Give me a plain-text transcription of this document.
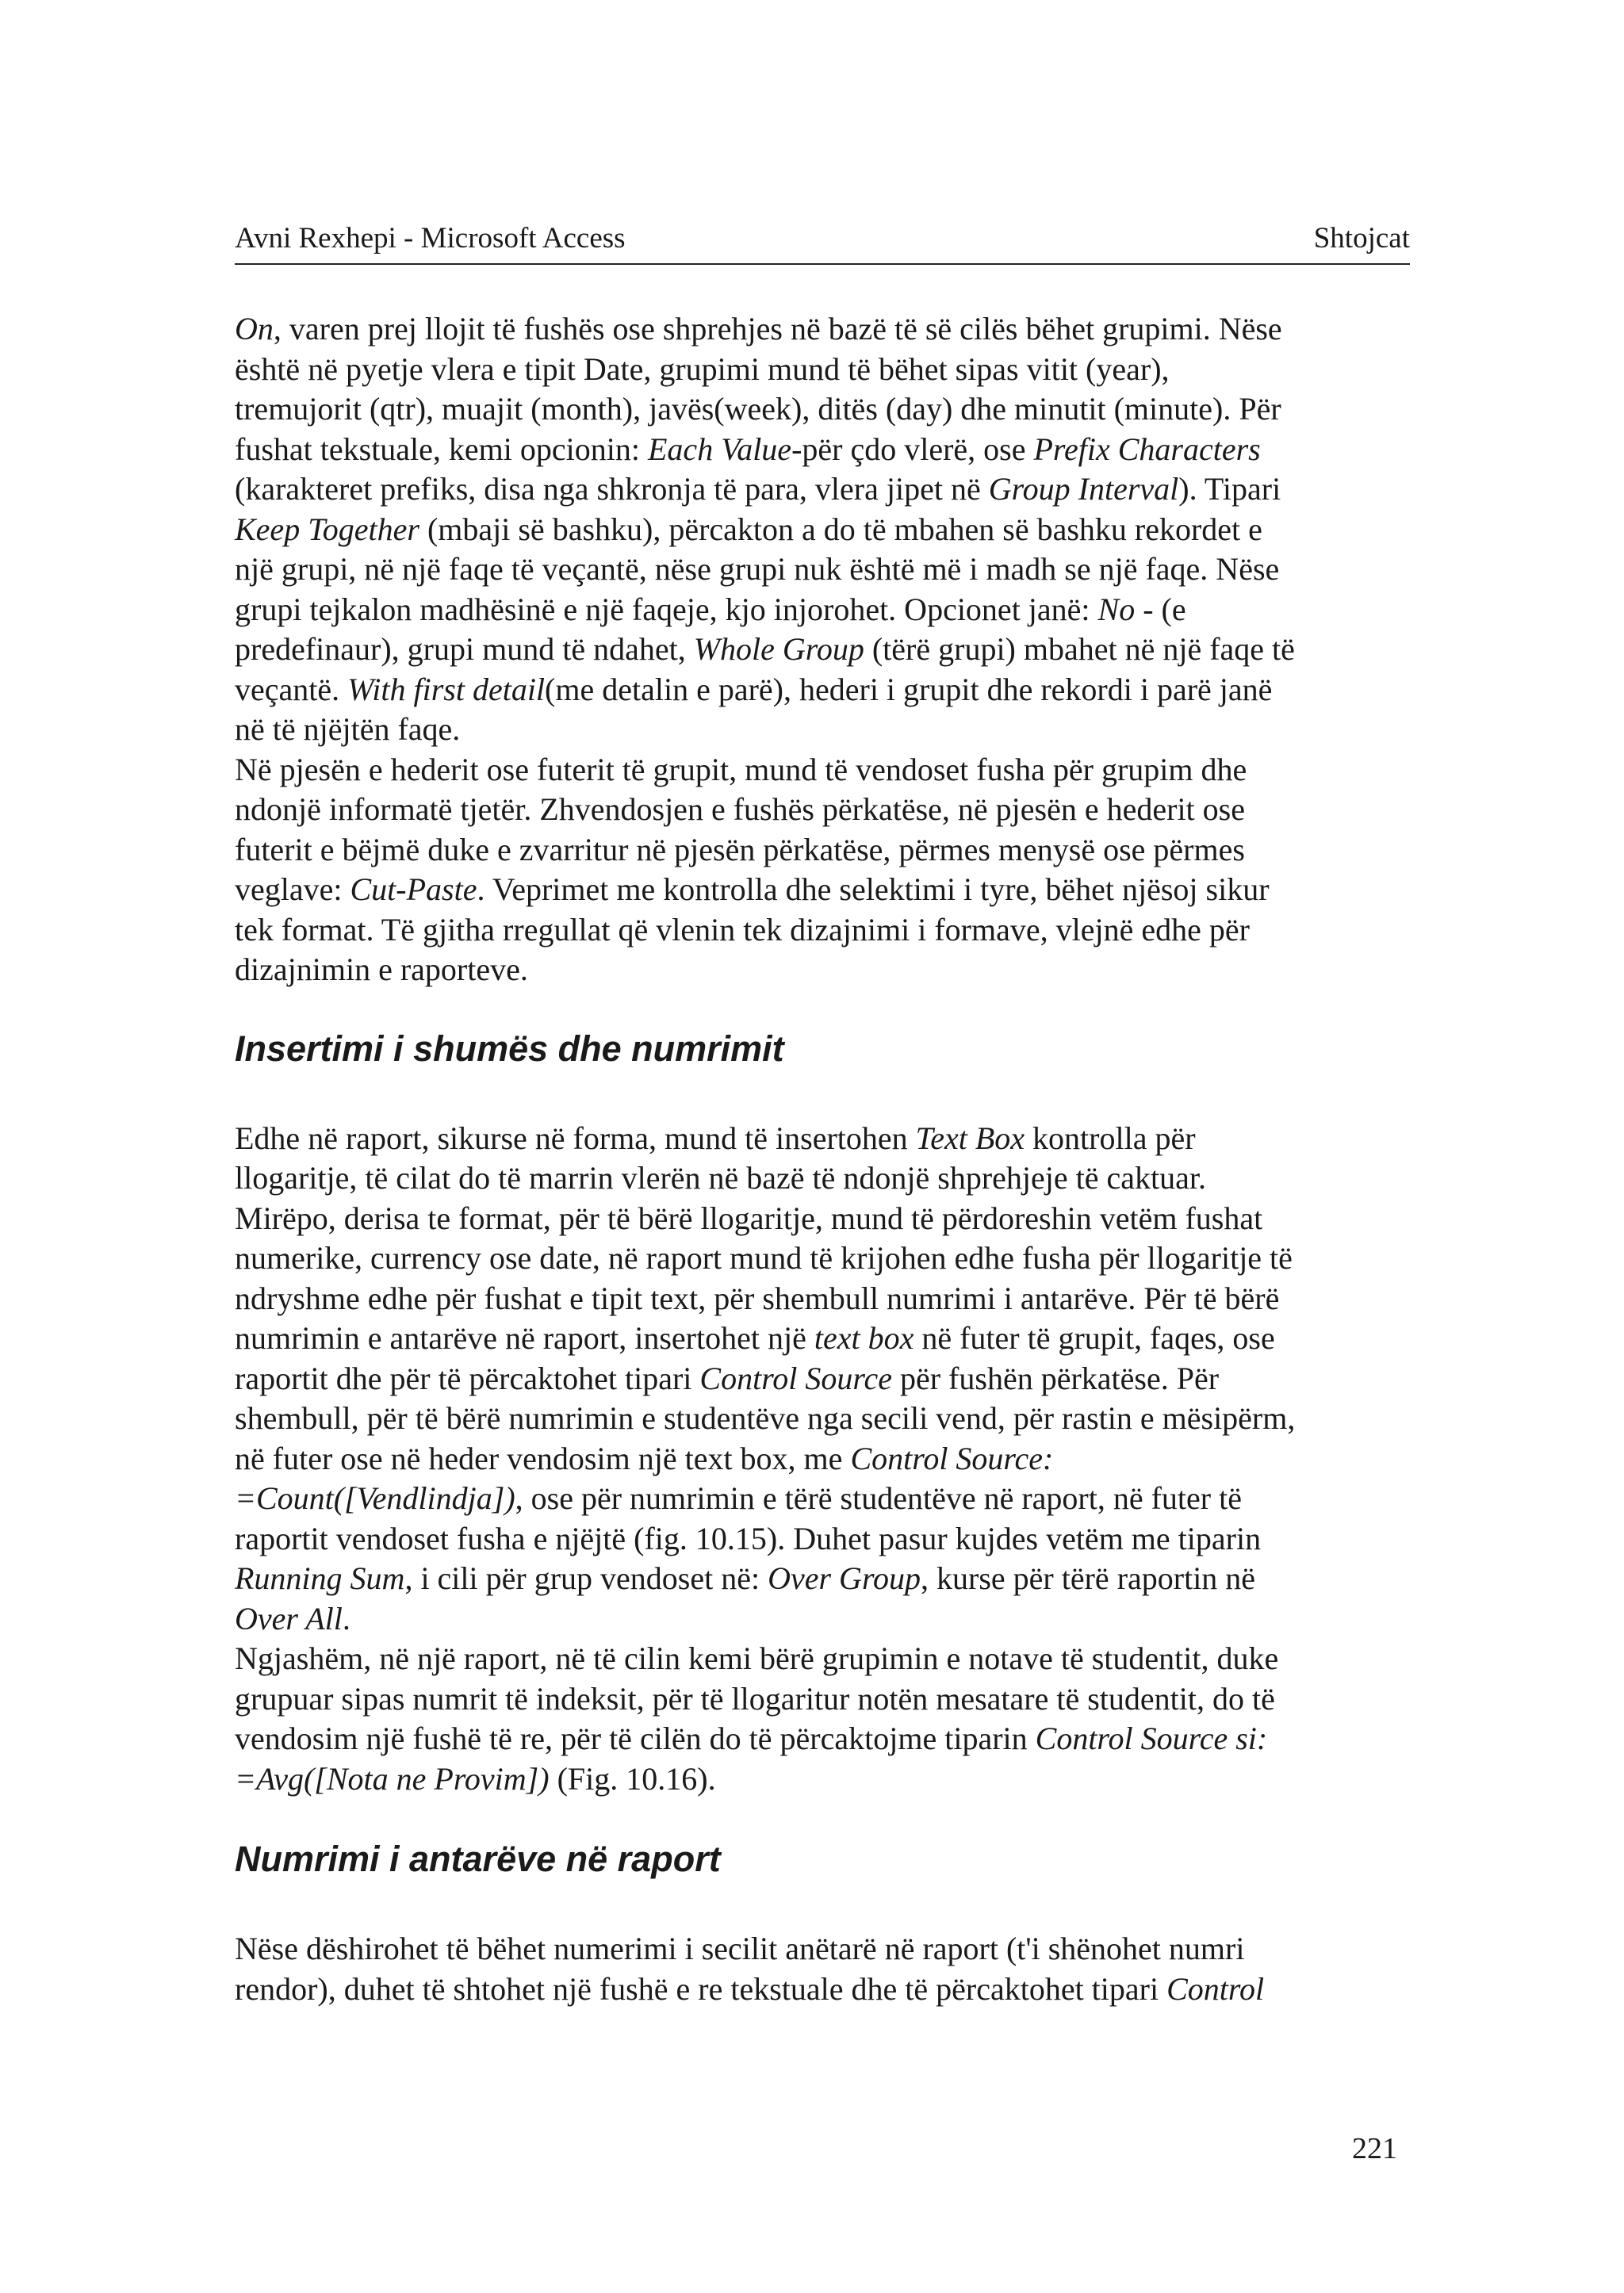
Avni Rexhepi - Microsoft Access	Shtojcat

On, varen prej llojit të fushës ose shprehjes në bazë të së cilës bëhet grupimi. Nëse
është në pyetje vlera e tipit Date, grupimi mund të bëhet sipas vitit (year),
tremujorit (qtr), muajit (month), javës(week), ditës (day) dhe minutit (minute). Për
fushat tekstuale, kemi opcionin: Each Value-për çdo vlerë, ose Prefix Characters
(karakteret prefiks, disa nga shkronja të para, vlera jipet në Group Interval). Tipari
Keep Together (mbaji së bashku), përcakton a do të mbahen së bashku rekordet e
një grupi, në një faqe të veçantë, nëse grupi nuk është më i madh se një faqe. Nëse
grupi tejkalon madhësinë e një faqeje, kjo injorohet. Opcionet janë: No - (e
predefinaur), grupi mund të ndahet, Whole Group (tërë grupi) mbahet në një faqe të
veçantë. With first detail(me detalin e parë), hederi i grupit dhe rekordi i parë janë
në të njëjtën faqe.

Në pjesën e hederit ose futerit të grupit, mund të vendoset fusha për grupim dhe
ndonjë informatë tjetër. Zhvendosjen e fushës përkatëse, në pjesën e hederit ose
futerit e bëjmë duke e zvarritur në pjesën përkatëse, përmes menysë ose përmes
veglave: Cut-Paste. Veprimet me kontrolla dhe selektimi i tyre, bëhet njësoj sikur
tek format. Të gjitha rregullat që vlenin tek dizajnimi i formave, vlejnë edhe për
dizajnimin e raporteve.

Insertimi i shumës dhe numrimit

Edhe në raport, sikurse në forma, mund të insertohen Text Box kontrolla për
llogaritje, të cilat do të marrin vlerën në bazë të ndonjë shprehjeje të caktuar.
Mirëpo, derisa te format, për të bërë llogaritje, mund të përdoreshin vetëm fushat
numerike, currency ose date, në raport mund të krijohen edhe fusha për llogaritje të
ndryshme edhe për fushat e tipit text, për shembull numrimi i antarëve. Për të bërë
numrimin e antarëve në raport, insertohet një text box në futer të grupit, faqes, ose
raportit dhe për të përcaktohet tipari Control Source për fushën përkatëse. Për
shembull, për të bërë numrimin e studentëve nga secili vend, për rastin e mësipërm,
në futer ose në heder vendosim një text box, me Control Source:
=Count([Vendlindja]), ose për numrimin e tërë studentëve në raport, në futer të
raportit vendoset fusha e njëjtë (fig. 10.15). Duhet pasur kujdes vetëm me tiparin
Running Sum, i cili për grup vendoset në: Over Group, kurse për tërë raportin në
Over All.

Ngjashëm, në një raport, në të cilin kemi bërë grupimin e notave të studentit, duke
grupuar sipas numrit të indeksit, për të llogaritur notën mesatare të studentit, do të
vendosim një fushë të re, për të cilën do të përcaktojme tiparin Control Source si:
=Avg([Nota ne Provim]) (Fig. 10.16).

Numrimi i antarëve në raport

Nëse dëshirohet të bëhet numerimi i secilit anëtarë në raport (t'i shënohet numri
rendor), duhet të shtohet një fushë e re tekstuale dhe të përcaktohet tipari Control

221
